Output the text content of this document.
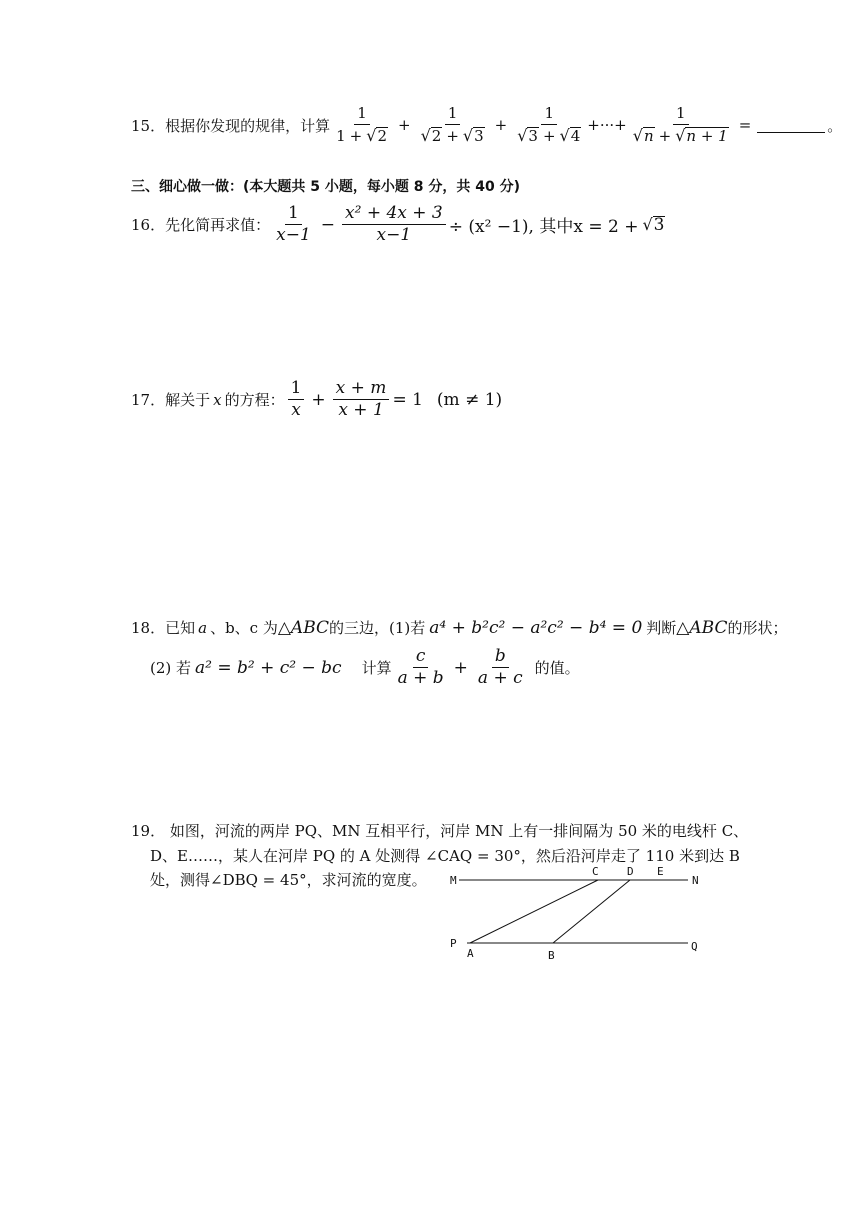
15． 根据你发现的规律，计算 $\frac{1}{1 + √ 2} + \frac{1}{√ 2 + √ 3} + \frac{1}{√ 3 + √ 4}$ +···+ $\frac{1}{√ n + √ n + 1}$ =	。
三、细心做一做：(本大题共 5 小题，每小题 8 分，共 40 分)
16． 先化简再求值： $\frac{1}{x-1} - \frac{\text{x² + 4x + 3}}{x-1} \div (x^2 -1)$, 其中x = 2 + √ 3
17． 解关于 x 的方程： $\frac{1}{x} + \frac{x + m}{x + 1} = 1$ (m ≠ 1)
18． 已知 a 、b、c 为 △ABC 的三边，(1)若 a⁴ + b²c² − a²c² − b⁴ = 0 判断 △ABC 的形状；
(2) 若 a² = b² + c² − bc 计算 $\frac{c}{a + b} + \frac{b}{a + c}$ 的值。
19． 如图，河流的两岸 PQ、MN 互相平行，河岸 MN 上有一排间隔为 50 米的电线杆 C、
D、E……，某人在河岸 PQ 的 A 处测得 ∠CAQ = 30°，然后沿河岸走了 110 米到达 B
处，测得∠DBQ = 45°，求河流的宽度。 M
C	D E
N
P
A	B
Q
